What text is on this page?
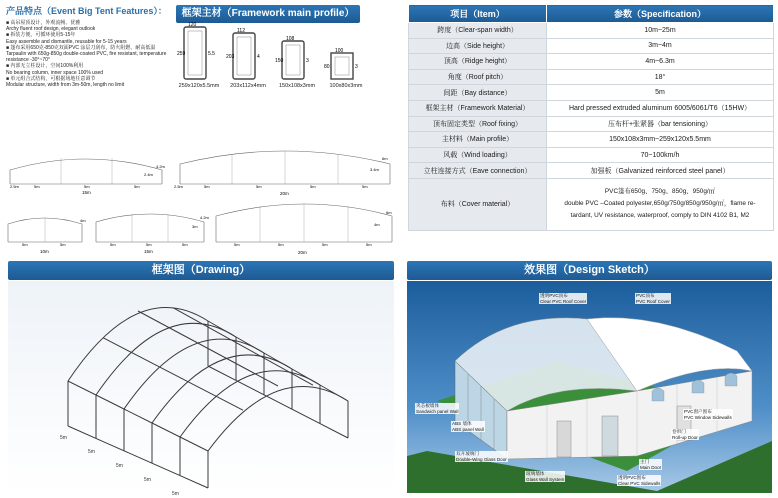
产品特点（Event Big Tent Features）：
■ 高吊屋顶设计，外观流畅、优雅
Archy fluent roof design, elegant outlook
■ 拆装方便，可循环使用5-15年
Easy assemble and dismantle, reusable for 5-15 years
■ 篷布采用650克-850克双面PVC 涂层刀刮布，防火阻燃、耐高低温
Tarpaulin with 650g-850g double-coated PVC, fire resistant, temperature resistance -30°~70°
■ 内部无立柱设计，空间100%利用
No bearing column, inner space 100% used
■ 单元组合式结构，可根据场地任意调节
Modular structure, width from 3m-50m, length no limit
框架主材（Framework main profile）
120
259	5.5
259x120x5.5mm
112
203	4
203x112x4mm
108
150	3
150x108x3mm
100
80	3
100x80x3mm
2.5m	5m	5m	5m
15m
4.2m
2.4m
2.5m	5m	5m	5m	5m
20m
6m
3.4m
5m	5m
10m
4m
5m	5m	5m
15m
4.2m
3m
5m	5m	5m	5m
20m
6m
4m
项目（Item）	参数（Specification）
跨度（Clear-span width）	10m~25m
边高（Side height）	3m~4m
顶高（Ridge height）	4m~6.3m
角度（Roof pitch）	18°
间距（Bay distance）	5m
框架主材（Framework Material）	Hard pressed extruded aluminum 6005/6061/T6（15HW）
顶布固定类型（Roof fixing）	压布杆+张紧器（bar tensioning）
主材料（Main profile）	150x108x3mm~259x120x5.5mm
风载（Wind loading）	70~100km/h
立柱连接方式（Eave connection）	加强板（Galvanized reinforced steel panel）
布料（Cover material）	PVC篷布650g、750g、850g、950g/㎡
double PVC –Coated polyester,650g/750g/850g/950g/㎡，flame re-
tardant, UV resistance, waterproof, comply to DIN 4102 B1, M2
框架图（Drawing）
5m
5m
5m
5m
5m
效果图（Design Sketch）
透明PVC顶布
Clear PVC Roof Cover
PVC顶布
PVC Roof Cover
夹芯板墙体
Sandwich panel Wall
ABS 墙体
ABS panel Wall
双开玻璃门
Double-Wing Glass Door
玻璃墙体
Glass Wall System
PVC窗户围布
PVC Window Sidewalls
卷帘门
Roll-up Door
主门
Main Door
透明PVC围布
Clear PVC Sidewalls
